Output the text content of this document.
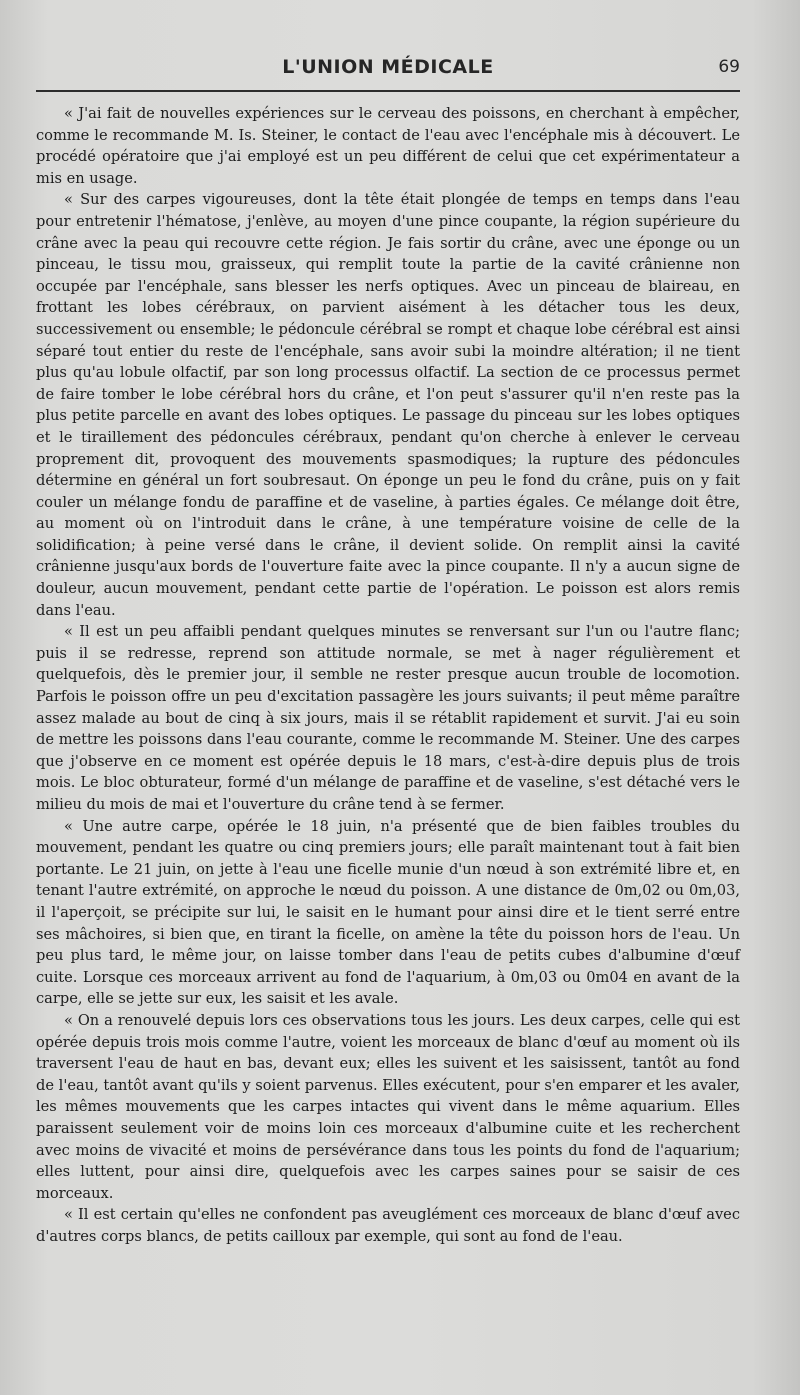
L'UNION MÉDICALE	69

« J'ai fait de nouvelles expériences sur le cerveau des poissons, en cherchant à empêcher, comme le recommande M. Is. Steiner, le contact de l'eau avec l'encéphale mis à découvert. Le procédé opératoire que j'ai employé est un peu différent de celui que cet expérimentateur a mis en usage.

« Sur des carpes vigoureuses, dont la tête était plongée de temps en temps dans l'eau pour entretenir l'hématose, j'enlève, au moyen d'une pince coupante, la région supérieure du crâne avec la peau qui recouvre cette région. Je fais sortir du crâne, avec une éponge ou un pinceau, le tissu mou, graisseux, qui remplit toute la partie de la cavité crânienne non occupée par l'encéphale, sans blesser les nerfs optiques. Avec un pinceau de blaireau, en frottant les lobes cérébraux, on parvient aisément à les détacher tous les deux, successivement ou ensemble; le pédoncule cérébral se rompt et chaque lobe cérébral est ainsi séparé tout entier du reste de l'encéphale, sans avoir subi la moindre altération; il ne tient plus qu'au lobule olfactif, par son long processus olfactif. La section de ce processus permet de faire tomber le lobe cérébral hors du crâne, et l'on peut s'assurer qu'il n'en reste pas la plus petite parcelle en avant des lobes optiques. Le passage du pinceau sur les lobes optiques et le tiraillement des pédoncules cérébraux, pendant qu'on cherche à enlever le cerveau proprement dit, provoquent des mouvements spasmodiques; la rupture des pédoncules détermine en général un fort soubresaut. On éponge un peu le fond du crâne, puis on y fait couler un mélange fondu de paraffine et de vaseline, à parties égales. Ce mélange doit être, au moment où on l'introduit dans le crâne, à une température voisine de celle de la solidification; à peine versé dans le crâne, il devient solide. On remplit ainsi la cavité crânienne jusqu'aux bords de l'ouverture faite avec la pince coupante. Il n'y a aucun signe de douleur, aucun mouvement, pendant cette partie de l'opération. Le poisson est alors remis dans l'eau.

« Il est un peu affaibli pendant quelques minutes se renversant sur l'un ou l'autre flanc; puis il se redresse, reprend son attitude normale, se met à nager régulièrement et quelquefois, dès le premier jour, il semble ne rester presque aucun trouble de locomotion. Parfois le poisson offre un peu d'excitation passagère les jours suivants; il peut même paraître assez malade au bout de cinq à six jours, mais il se rétablit rapidement et survit. J'ai eu soin de mettre les poissons dans l'eau courante, comme le recommande M. Steiner. Une des carpes que j'observe en ce moment est opérée depuis le 18 mars, c'est-à-dire depuis plus de trois mois. Le bloc obturateur, formé d'un mélange de paraffine et de vaseline, s'est détaché vers le milieu du mois de mai et l'ouverture du crâne tend à se fermer.

« Une autre carpe, opérée le 18 juin, n'a présenté que de bien faibles troubles du mouvement, pendant les quatre ou cinq premiers jours; elle paraît maintenant tout à fait bien portante. Le 21 juin, on jette à l'eau une ficelle munie d'un nœud à son extrémité libre et, en tenant l'autre extrémité, on approche le nœud du poisson. A une distance de 0m,02 ou 0m,03, il l'aperçoit, se précipite sur lui, le saisit en le humant pour ainsi dire et le tient serré entre ses mâchoires, si bien que, en tirant la ficelle, on amène la tête du poisson hors de l'eau. Un peu plus tard, le même jour, on laisse tomber dans l'eau de petits cubes d'albumine d'œuf cuite. Lorsque ces morceaux arrivent au fond de l'aquarium, à 0m,03 ou 0m04 en avant de la carpe, elle se jette sur eux, les saisit et les avale.

« On a renouvelé depuis lors ces observations tous les jours. Les deux carpes, celle qui est opérée depuis trois mois comme l'autre, voient les morceaux de blanc d'œuf au moment où ils traversent l'eau de haut en bas, devant eux; elles les suivent et les saisissent, tantôt au fond de l'eau, tantôt avant qu'ils y soient parvenus. Elles exécutent, pour s'en emparer et les avaler, les mêmes mouvements que les carpes intactes qui vivent dans le même aquarium. Elles paraissent seulement voir de moins loin ces morceaux d'albumine cuite et les recherchent avec moins de vivacité et moins de persévérance dans tous les points du fond de l'aquarium; elles luttent, pour ainsi dire, quelquefois avec les carpes saines pour se saisir de ces morceaux.

« Il est certain qu'elles ne confondent pas aveuglément ces morceaux de blanc d'œuf avec d'autres corps blancs, de petits cailloux par exemple, qui sont au fond de l'eau.
